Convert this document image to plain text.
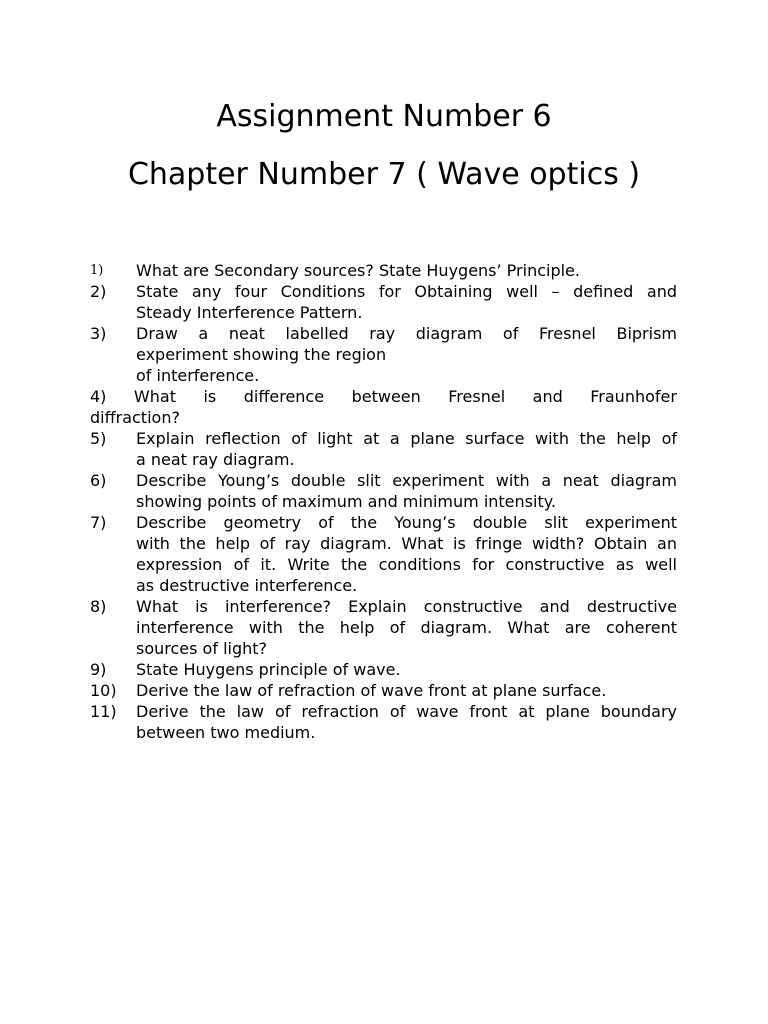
Assignment Number 6
Chapter Number 7 ( Wave optics )
1)	What are Secondary sources? State Huygens’ Principle.
2)	State any four Conditions for Obtaining well – defined and
Steady Interference Pattern.
3)	Draw a neat labelled ray diagram of Fresnel Biprism
experiment showing the region
of interference.
4) What is difference between Fresnel and Fraunhofer
diffraction?
5)	Explain reflection of light at a plane surface with the help of
a neat ray diagram.
6)	Describe Young’s double slit experiment with a neat diagram
showing points of maximum and minimum intensity.
7)	Describe geometry of the Young’s double slit experiment
with the help of ray diagram. What is fringe width? Obtain an
expression of it. Write the conditions for constructive as well
as destructive interference.
8)	What is interference? Explain constructive and destructive
interference with the help of diagram. What are coherent
sources of light?
9)	State Huygens principle of wave.
10)	Derive the law of refraction of wave front at plane surface.
11)	Derive the law of refraction of wave front at plane boundary
between two medium.
